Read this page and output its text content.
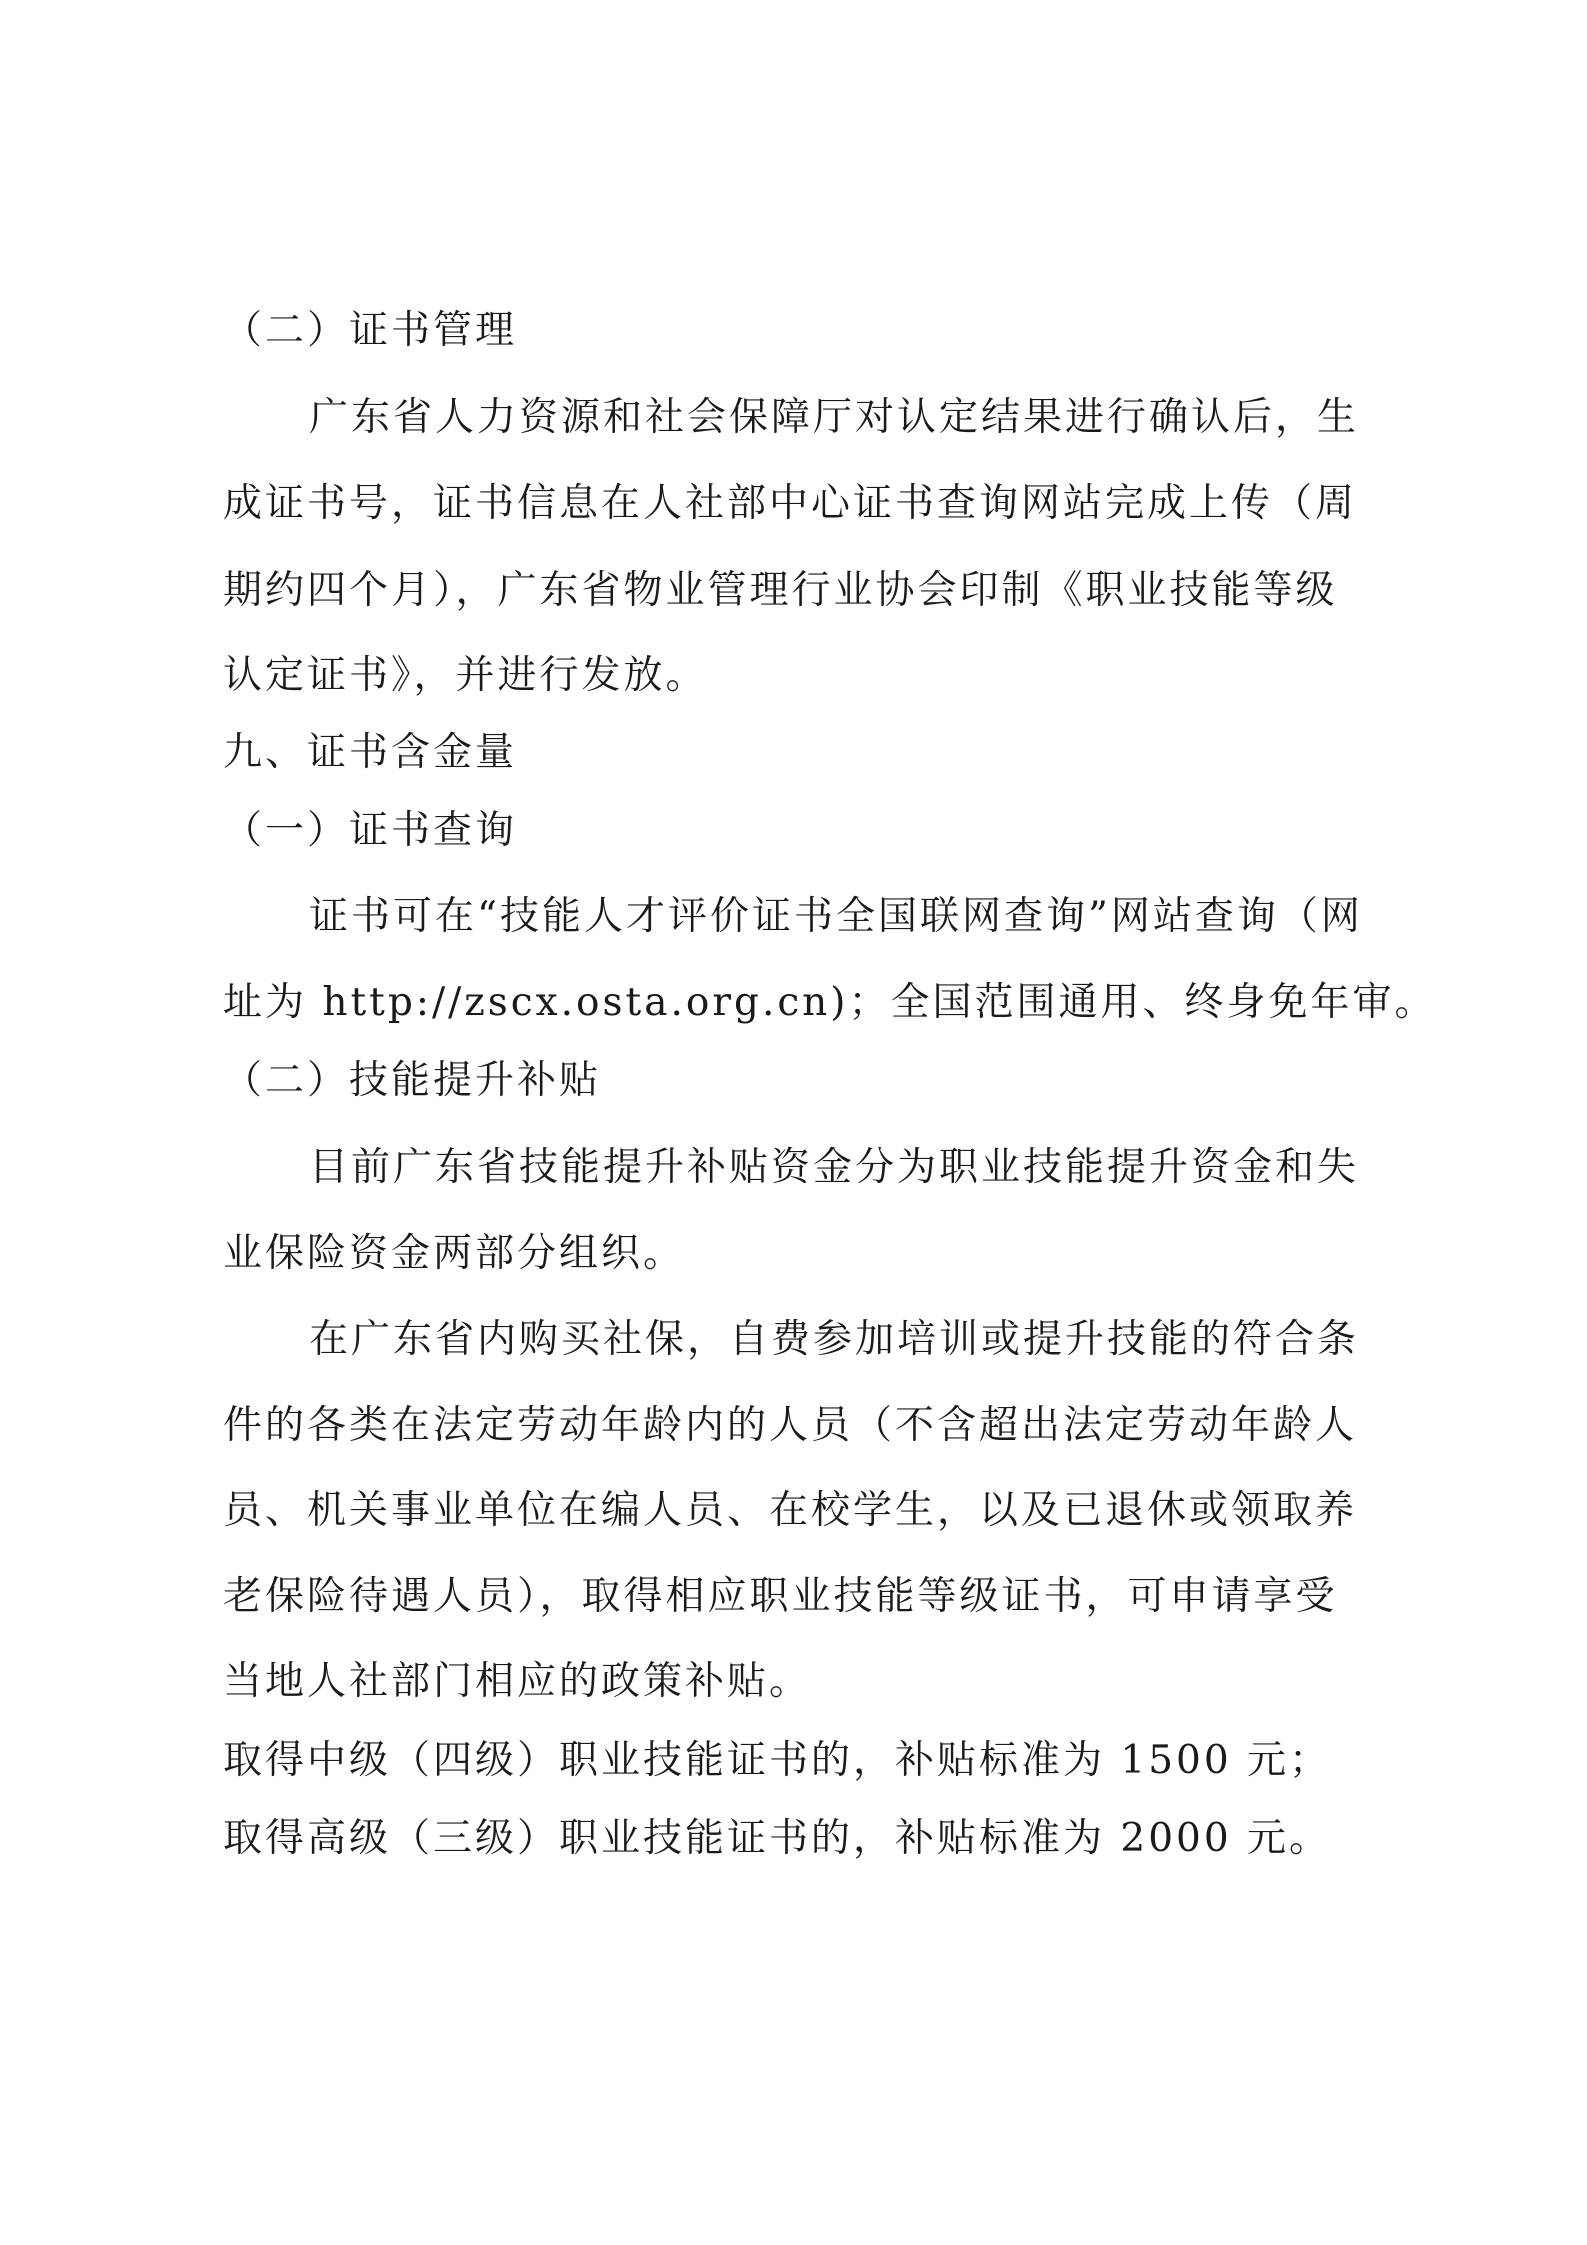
（二）证书管理
广东省人力资源和社会保障厅对认定结果进行确认后，生
成证书号，证书信息在人社部中心证书查询网站完成上传（周
期约四个月），广东省物业管理行业协会印制《职业技能等级
认定证书》，并进行发放。
九、证书含金量
（一）证书查询
证书可在“技能人才评价证书全国联网查询”网站查询（网
址为 http://zscx.osta.org.cn)；全国范围通用、终身免年审。
（二）技能提升补贴
目前广东省技能提升补贴资金分为职业技能提升资金和失
业保险资金两部分组织。
在广东省内购买社保，自费参加培训或提升技能的符合条
件的各类在法定劳动年龄内的人员（不含超出法定劳动年龄人
员、机关事业单位在编人员、在校学生，以及已退休或领取养
老保险待遇人员），取得相应职业技能等级证书，可申请享受
当地人社部门相应的政策补贴。
取得中级（四级）职业技能证书的，补贴标准为 1500 元；
取得高级（三级）职业技能证书的，补贴标准为 2000 元。
